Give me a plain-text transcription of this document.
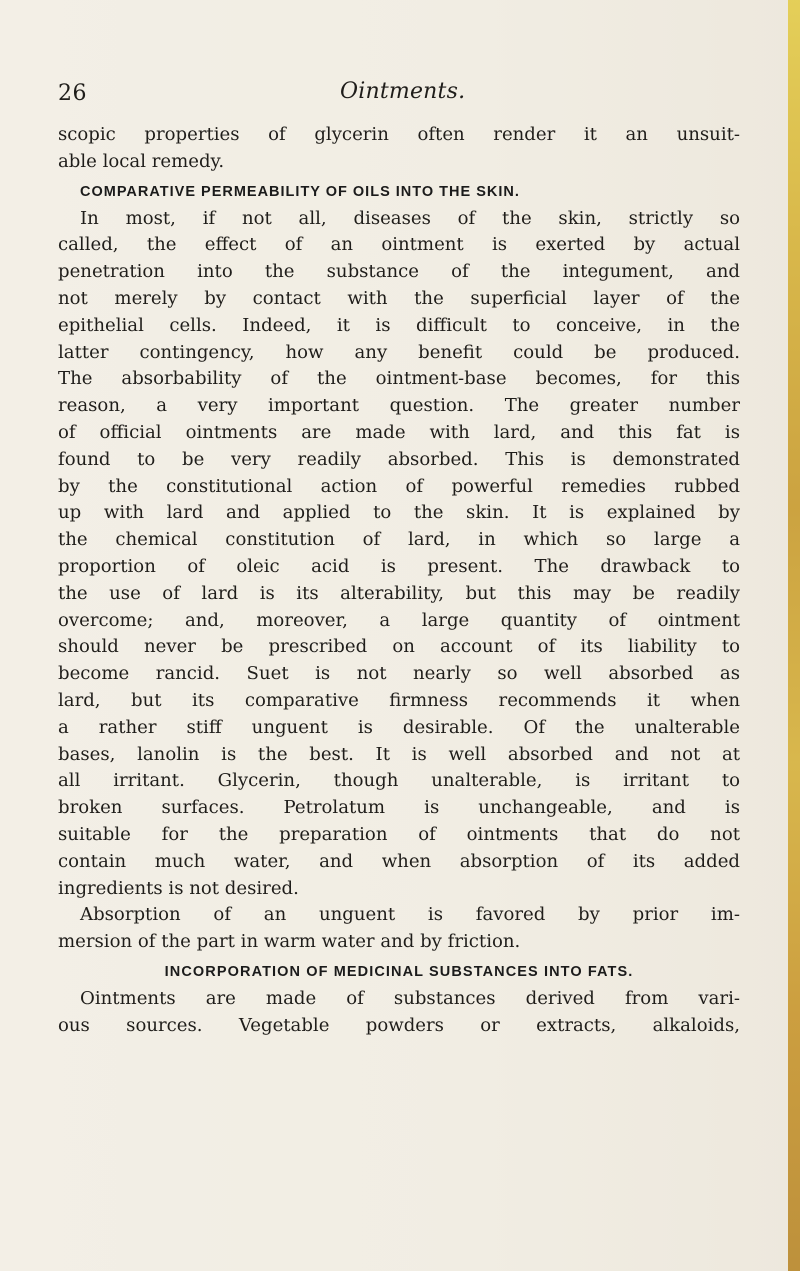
26	Ointments.
scopic properties of glycerin often render it an unsuit-
able local remedy.
COMPARATIVE PERMEABILITY OF OILS INTO THE SKIN.
In most, if not all, diseases of the skin, strictly so
called, the effect of an ointment is exerted by actual
penetration into the substance of the integument, and
not merely by contact with the superficial layer of the
epithelial cells. Indeed, it is difficult to conceive, in the
latter contingency, how any benefit could be produced.
The absorbability of the ointment-base becomes, for this
reason, a very important question. The greater number
of official ointments are made with lard, and this fat is
found to be very readily absorbed. This is demonstrated
by the constitutional action of powerful remedies rubbed
up with lard and applied to the skin. It is explained by
the chemical constitution of lard, in which so large a
proportion of oleic acid is present. The drawback to
the use of lard is its alterability, but this may be readily
overcome; and, moreover, a large quantity of ointment
should never be prescribed on account of its liability to
become rancid. Suet is not nearly so well absorbed as
lard, but its comparative firmness recommends it when
a rather stiff unguent is desirable. Of the unalterable
bases, lanolin is the best. It is well absorbed and not at
all irritant. Glycerin, though unalterable, is irritant to
broken surfaces. Petrolatum is unchangeable, and is
suitable for the preparation of ointments that do not
contain much water, and when absorption of its added
ingredients is not desired.
Absorption of an unguent is favored by prior im-
mersion of the part in warm water and by friction.
INCORPORATION OF MEDICINAL SUBSTANCES INTO FATS.
Ointments are made of substances derived from vari-
ous sources. Vegetable powders or extracts, alkaloids,
